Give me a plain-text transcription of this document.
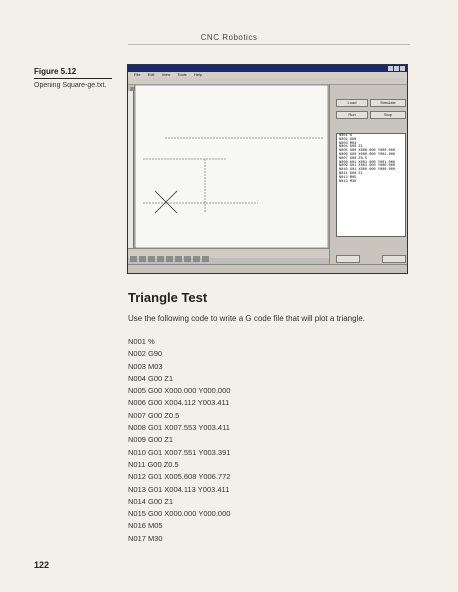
CNC Robotics
Figure 5.12
Opening Square-ge.txt.
File Edit View Tools Help
Load	Simulate
Run	Stop
N001 %
N002 G90
N003 M03
N004 G00 Z1
N005 G00 X000.000 Y000.000
N006 G00 X000.000 Y001.000
N007 G00 Z0.5
N008 G01 X001.000 Y001.000
N009 G01 X001.000 Y000.000
N010 G01 X000.000 Y000.000
N011 G00 Z1
N012 M05
N013 M30
Triangle Test
Use the following code to write a G code file that will plot a triangle.
N001 %
N002 G90
N003 M03
N004 G00 Z1
N005 G00 X000.000 Y000.000
N006 G00 X004.112 Y003.411
N007 G00 Z0.5
N008 G01 X007.553 Y003.411
N009 G00 Z1
N010 G01 X007.551 Y003.391
N011 G00 Z0.5
N012 G01 X005.608 Y006.772
N013 G01 X004.113 Y003.411
N014 G00 Z1
N015 G00 X000.000 Y000.000
N016 M05
N017 M30
122
